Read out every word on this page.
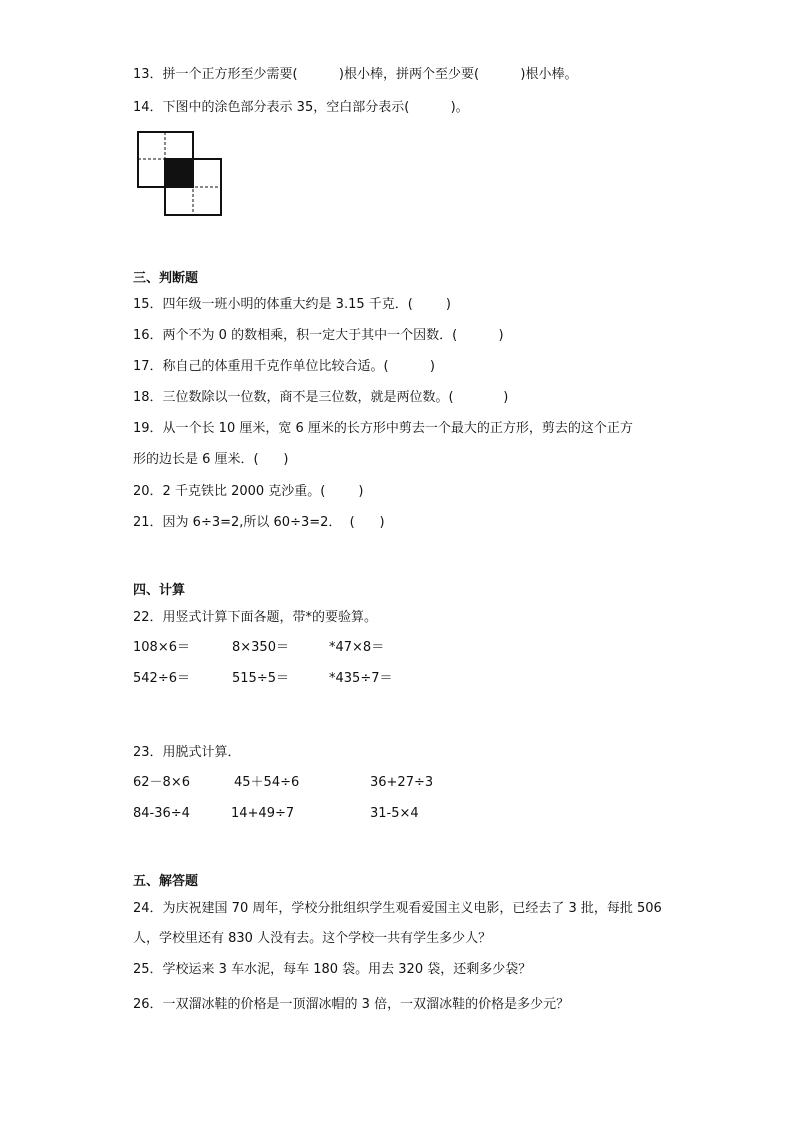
13．拼一个正方形至少需要(          )根小棒，拼两个至少要(          )根小棒。
14．下图中的涂色部分表示 35，空白部分表示(          )。
三、判断题
15．四年级一班小明的体重大约是 3.15 千克．(        )
16．两个不为 0 的数相乘，积一定大于其中一个因数．(          )
17．称自己的体重用千克作单位比较合适。(          )
18．三位数除以一位数，商不是三位数，就是两位数。(            )
19．从一个长 10 厘米，宽 6 厘米的长方形中剪去一个最大的正方形，剪去的这个正方
形的边长是 6 厘米．(      )
20．2 千克铁比 2000 克沙重。(        )
21．因为 6÷3=2,所以 60÷3=2．  (      )
四、计算
22．用竖式计算下面各题，带*的要验算。
108×6＝	8×350＝	*47×8＝
542÷6＝	515÷5＝	*435÷7＝
23．用脱式计算．
62－8×6	45＋54÷6	36+27÷3
84-36÷4	14+49÷7	31-5×4
五、解答题
24．为庆祝建国 70 周年，学校分批组织学生观看爱国主义电影，已经去了 3 批，每批 506
人，学校里还有 830 人没有去。这个学校一共有学生多少人？
25．学校运来 3 车水泥，每车 180 袋。用去 320 袋，还剩多少袋？
26．一双溜冰鞋的价格是一顶溜冰帽的 3 倍，一双溜冰鞋的价格是多少元？
